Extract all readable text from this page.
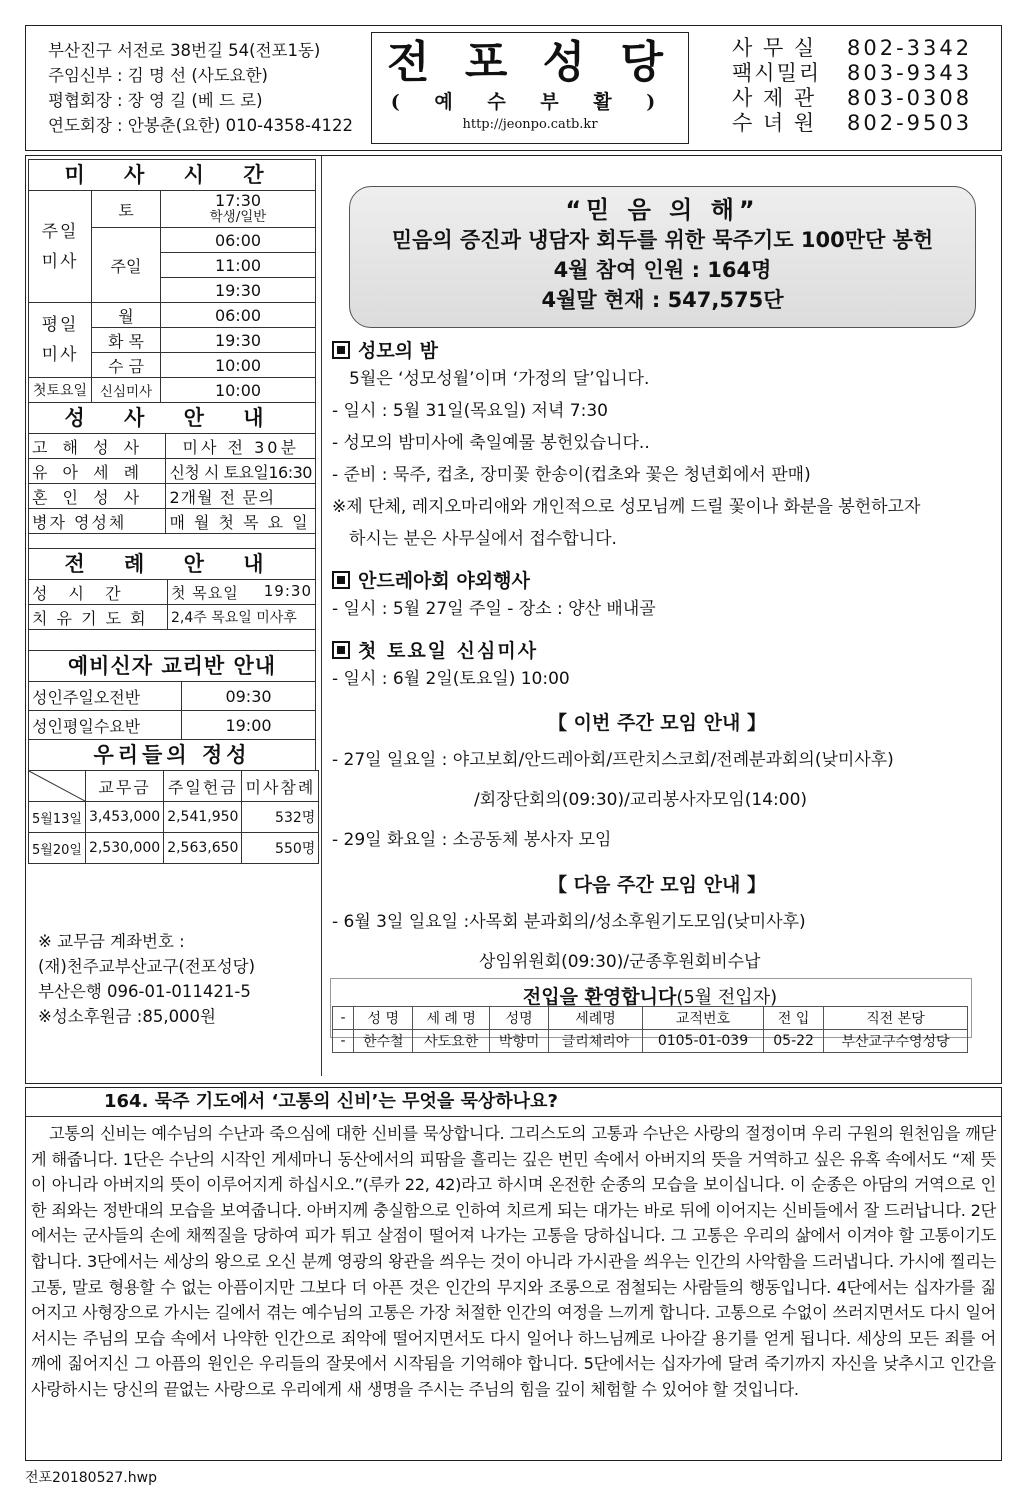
부산진구 서전로 38번길 54(전포1동)
주임신부 : 김 명 선 (사도요한)
평협회장 : 장 영 길 (베 드 로)
연도회장 : 안봉춘(요한) 010-4358-4122
전 포 성 당
( 예 수 부 활 )
http://jeonpo.catb.kr
사 무 실	802-3342
팩시밀리	803-9343
사 제 관	803-0308
수 녀 원	802-9503
미 사 시 간
주일 미사	토	17:30
학생/일반

	주일	06:00
		11:00
		19:30
평일 미사	월	06:00
	화 목	19:30
	수 금	10:00
첫토요일	신심미사	10:00
성 사 안 내
고 해 성 사	미사 전 30분
유 아 세 례	신청 시 토요일16:30
혼 인 성 사	2개월 전 문의
병자 영성체	매 월 첫 목 요 일

전 례 안 내
성 시 간	첫 목요일 19:30

치 유 기 도 회	2,4주 목요일 미사후

예비신자 교리반 안내
성인주일오전반	09:30
성인평일수요반	19:00
우리들의 정성
	교무금	주일헌금	미사참례
5월13일	3,453,000	2,541,950	532명
5월20일	2,530,000	2,563,650	550명
※ 교무금 계좌번호 :
(재)천주교부산교구(전포성당)
부산은행 096-01-011421-5
※성소후원금 :85,000원
“믿 음 의 해”
믿음의 증진과 냉담자 회두를 위한 묵주기도 100만단 봉헌
4월 참여 인원 : 164명
4월말 현재 : 547,575단
성모의 밤
5월은 ‘성모성월’이며 ‘가정의 달’입니다.
- 일시 : 5월 31일(목요일) 저녁 7:30
- 성모의 밤미사에 축일예물 봉헌있습니다..
- 준비 : 묵주, 컵초, 장미꽃 한송이(컵초와 꽃은 청년회에서 판매)
※제 단체, 레지오마리애와 개인적으로 성모님께 드릴 꽃이나 화분을 봉헌하고자
하시는 분은 사무실에서 접수합니다.
안드레아회 야외행사
- 일시 : 5월 27일 주일 - 장소 : 양산 배내골
첫 토요일 신심미사
- 일시 : 6월 2일(토요일) 10:00
【 이번 주간 모임 안내 】
- 27일 일요일 : 야고보회/안드레아회/프란치스코회/전례분과회의(낮미사후)
/회장단회의(09:30)/교리봉사자모임(14:00)
- 29일 화요일 : 소공동체 봉사자 모임
【 다음 주간 모임 안내 】
- 6월 3일 일요일 :사목회 분과회의/성소후원기도모임(낮미사후)
상임위원회(09:30)/군종후원회비수납
전입을 환영합니다(5월 전입자)
-	성 명	세 례 명	성명	세례명	교적번호	전 입	직전 본당
-	한수철	사도요한	박향미	글리체리아	0105-01-039	05-22	부산교구수영성당
164. 묵주 기도에서 ‘고통의 신비’는 무엇을 묵상하나요?
고통의 신비는 예수님의 수난과 죽으심에 대한 신비를 묵상합니다. 그리스도의 고통과 수난은 사랑의 절정이며 우리 구원의 원천임을 깨닫게 해줍니다. 1단은 수난의 시작인 게세마니 동산에서의 피땀을 흘리는 깊은 번민 속에서 아버지의 뜻을 거역하고 싶은 유혹 속에서도 “제 뜻이 아니라 아버지의 뜻이 이루어지게 하십시오.”(루카 22, 42)라고 하시며 온전한 순종의 모습을 보이십니다. 이 순종은 아담의 거역으로 인한 죄와는 정반대의 모습을 보여줍니다. 아버지께 충실함으로 인하여 치르게 되는 대가는 바로 뒤에 이어지는 신비들에서 잘 드러납니다. 2단에서는 군사들의 손에 채찍질을 당하여 피가 튀고 살점이 떨어져 나가는 고통을 당하십니다. 그 고통은 우리의 삶에서 이겨야 할 고통이기도 합니다. 3단에서는 세상의 왕으로 오신 분께 영광의 왕관을 씌우는 것이 아니라 가시관을 씌우는 인간의 사악함을 드러냅니다. 가시에 찔리는 고통, 말로 형용할 수 없는 아픔이지만 그보다 더 아픈 것은 인간의 무지와 조롱으로 점철되는 사람들의 행동입니다. 4단에서는 십자가를 짊어지고 사형장으로 가시는 길에서 겪는 예수님의 고통은 가장 처절한 인간의 여정을 느끼게 합니다. 고통으로 수없이 쓰러지면서도 다시 일어서시는 주님의 모습 속에서 나약한 인간으로 죄악에 떨어지면서도 다시 일어나 하느님께로 나아갈 용기를 얻게 됩니다. 세상의 모든 죄를 어깨에 짊어지신 그 아픔의 원인은 우리들의 잘못에서 시작됨을 기억해야 합니다. 5단에서는 십자가에 달려 죽기까지 자신을 낮추시고 인간을 사랑하시는 당신의 끝없는 사랑으로 우리에게 새 생명을 주시는 주님의 힘을 깊이 체험할 수 있어야 할 것입니다.
전포20180527.hwp
